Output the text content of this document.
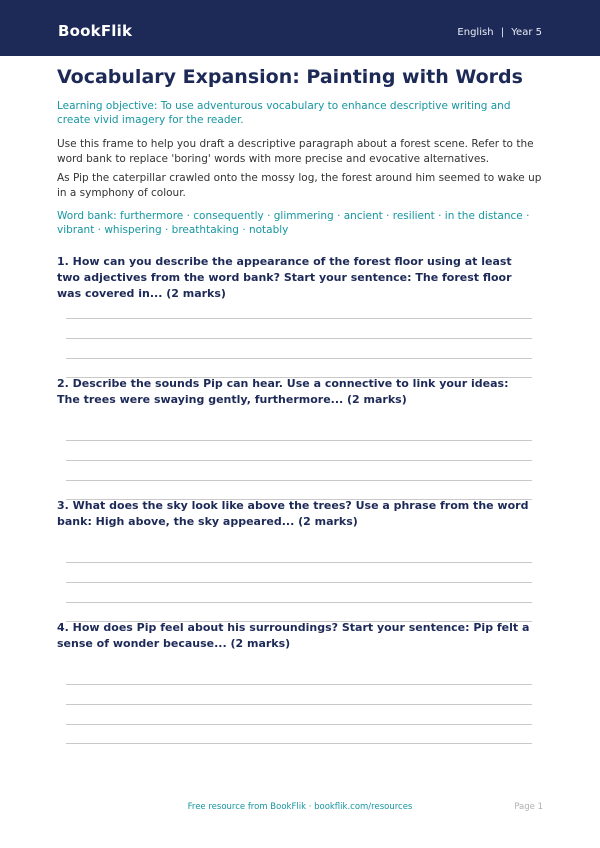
BookFlik	English | Year 5
Vocabulary Expansion: Painting with Words

Learning objective: To use adventurous vocabulary to enhance descriptive writing and create vivid imagery for the reader.

Use this frame to help you draft a descriptive paragraph about a forest scene. Refer to the word bank to replace 'boring' words with more precise and evocative alternatives.

As Pip the caterpillar crawled onto the mossy log, the forest around him seemed to wake up in a symphony of colour.

Word bank: furthermore · consequently · glimmering · ancient · resilient · in the distance · vibrant · whispering · breathtaking · notably

1. How can you describe the appearance of the forest floor using at least two adjectives from the word bank? Start your sentence: The forest floor was covered in... (2 marks)
2. Describe the sounds Pip can hear. Use a connective to link your ideas: The trees were swaying gently, furthermore... (2 marks)
3. What does the sky look like above the trees? Use a phrase from the word bank: High above, the sky appeared... (2 marks)
4. How does Pip feel about his surroundings? Start your sentence: Pip felt a sense of wonder because... (2 marks)
Free resource from BookFlik · bookflik.com/resources	Page 1
